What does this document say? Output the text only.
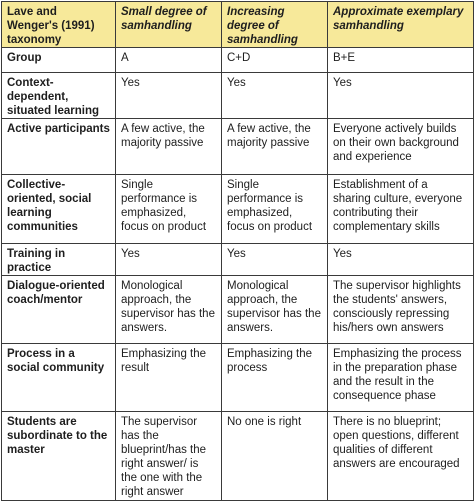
Lave and Wenger's (1991) taxonomy	Small degree of samhandling	Increasing degree of samhandling	Approximate exemplary samhandling
Group	A	C+D	B+E
Context-dependent, situated learning	Yes	Yes	Yes
Active participants	A few active, the majority passive	A few active, the majority passive	Everyone actively builds on their own background and experience
Collective-oriented, social learning communities	Single performance is emphasized, focus on product	Single performance is emphasized, focus on product	Establishment of a sharing culture, everyone contributing their complementary skills
Training in practice	Yes	Yes	Yes
Dialogue-oriented coach/mentor	Monological approach, the supervisor has the answers.	Monological approach, the supervisor has the answers.	The supervisor highlights the students' answers, consciously repressing his/hers own answers
Process in a social community	Emphasizing the result	Emphasizing the process	Emphasizing the process in the preparation phase and the result in the consequence phase
Students are subordinate to the master	The supervisor has the blueprint/has the right answer/ is the one with the right answer	No one is right	There is no blueprint; open questions, different qualities of different answers are encouraged
